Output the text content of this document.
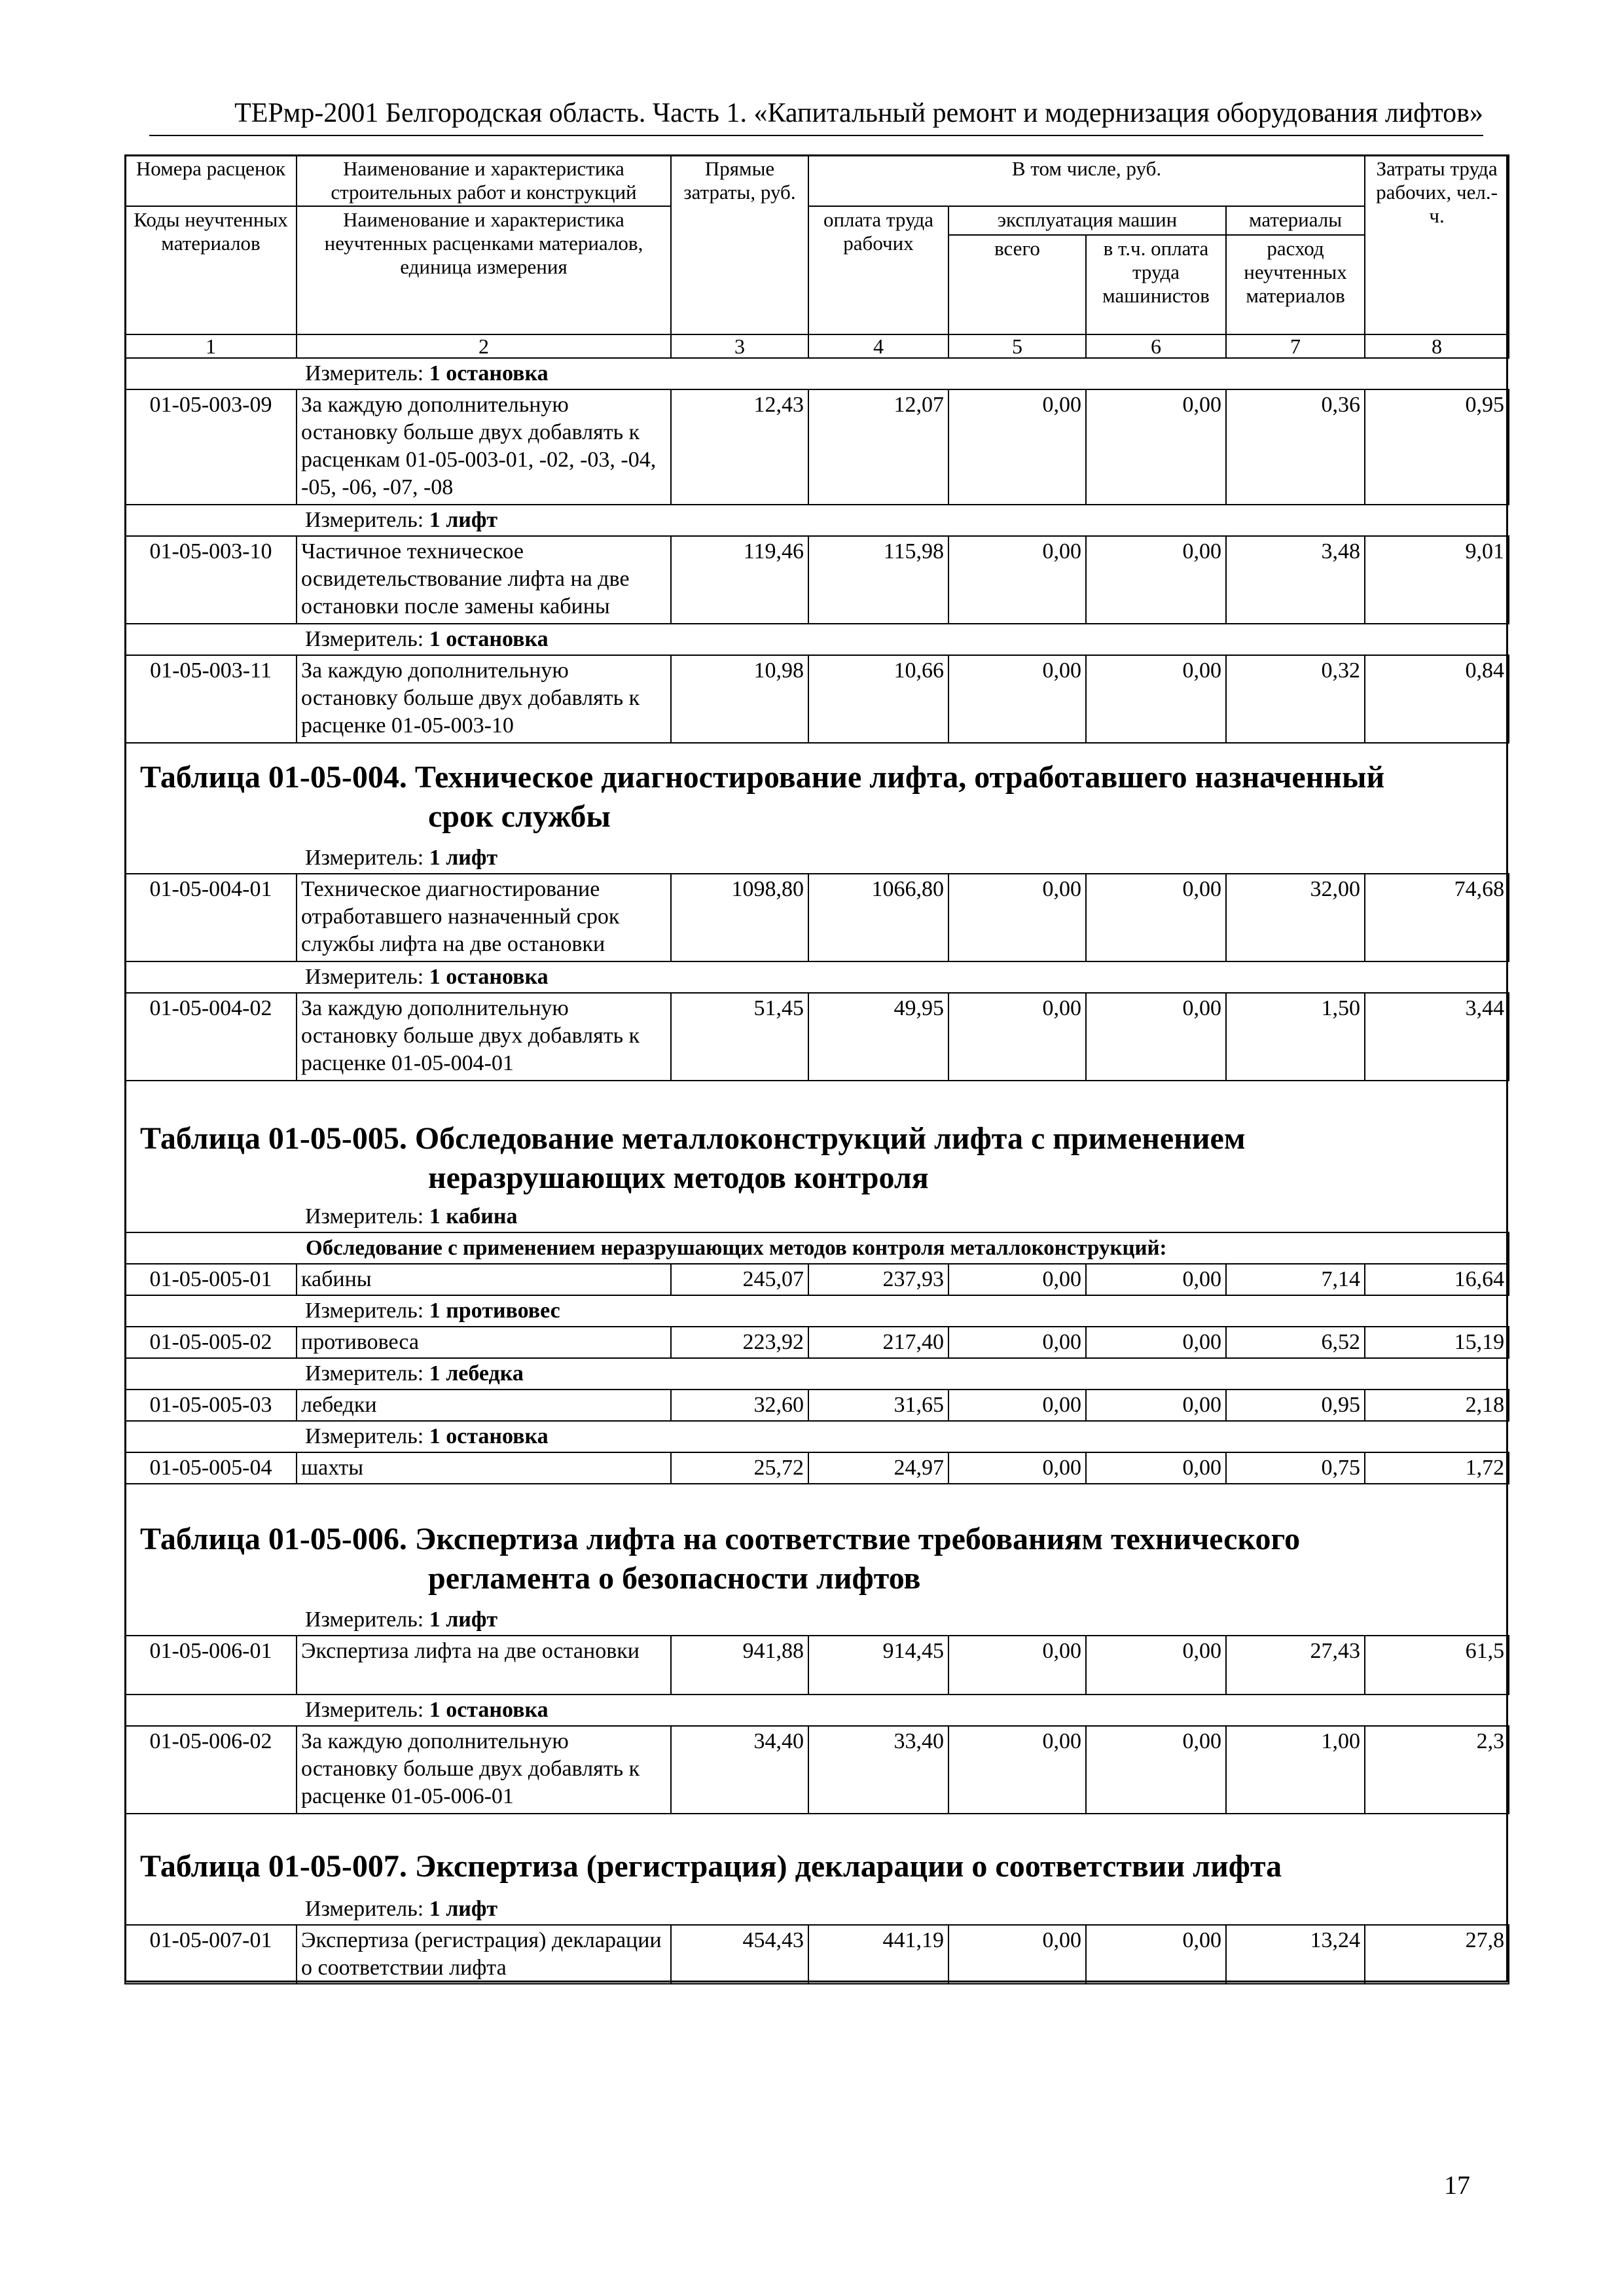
ТЕРмр-2001 Белгородская область. Часть 1. «Капитальный ремонт и модернизация оборудования лифтов»
Номера расценок	Наименование и характеристика строительных работ и конструкций	Прямые затраты, руб.	В том числе, руб.				Затраты труда рабочих, чел.-ч.
Коды неучтенных материалов	Наименование и характеристика неучтенных расценками материалов, единица измерения		оплата труда рабочих	эксплуатация машин		материалы	
				всего	в т.ч. оплата труда машинистов	расход неучтенных материалов	
1	2	3	4	5	6	7	8
Измеритель: 1 остановка							
01-05-003-09	За каждую дополнительную остановку больше двух добавлять к расценкам 01-05-003-01, -02, -03, -04, -05, -06, -07, -08	12,43	12,07	0,00	0,00	0,36	0,95
Измеритель: 1 лифт							
01-05-003-10	Частичное техническое освидетельствование лифта на две остановки после замены кабины	119,46	115,98	0,00	0,00	3,48	9,01
Измеритель: 1 остановка							
01-05-003-11	За каждую дополнительную остановку больше двух добавлять к расценке 01-05-003-10	10,98	10,66	0,00	0,00	0,32	0,84
Таблица 01-05-004. Техническое диагностирование лифта, отработавшего назначенный
срок службы
Измеритель: 1 лифт							
01-05-004-01	Техническое диагностирование отработавшего назначенный срок службы лифта на две остановки	1098,80	1066,80	0,00	0,00	32,00	74,68
Измеритель: 1 остановка							
01-05-004-02	За каждую дополнительную остановку больше двух добавлять к расценке 01-05-004-01	51,45	49,95	0,00	0,00	1,50	3,44
Таблица 01-05-005. Обследование металлоконструкций лифта с применением
неразрушающих методов контроля
Измеритель: 1 кабина							
Обследование с применением неразрушающих методов контроля металлоконструкций:							
01-05-005-01	кабины	245,07	237,93	0,00	0,00	7,14	16,64
Измеритель: 1 противовес							
01-05-005-02	противовеса	223,92	217,40	0,00	0,00	6,52	15,19
Измеритель: 1 лебедка							
01-05-005-03	лебедки	32,60	31,65	0,00	0,00	0,95	2,18
Измеритель: 1 остановка							
01-05-005-04	шахты	25,72	24,97	0,00	0,00	0,75	1,72
Таблица 01-05-006. Экспертиза лифта на соответствие требованиям технического
регламента о безопасности лифтов
Измеритель: 1 лифт							
01-05-006-01	Экспертиза лифта на две остановки	941,88	914,45	0,00	0,00	27,43	61,5
Измеритель: 1 остановка							
01-05-006-02	За каждую дополнительную остановку больше двух добавлять к расценке 01-05-006-01	34,40	33,40	0,00	0,00	1,00	2,3
Таблица 01-05-007. Экспертиза (регистрация) декларации о соответствии лифта
Измеритель: 1 лифт
01-05-007-01	Экспертиза (регистрация) декларации о соответствии лифта	454,43	441,19	0,00	0,00	13,24	27,8
17
